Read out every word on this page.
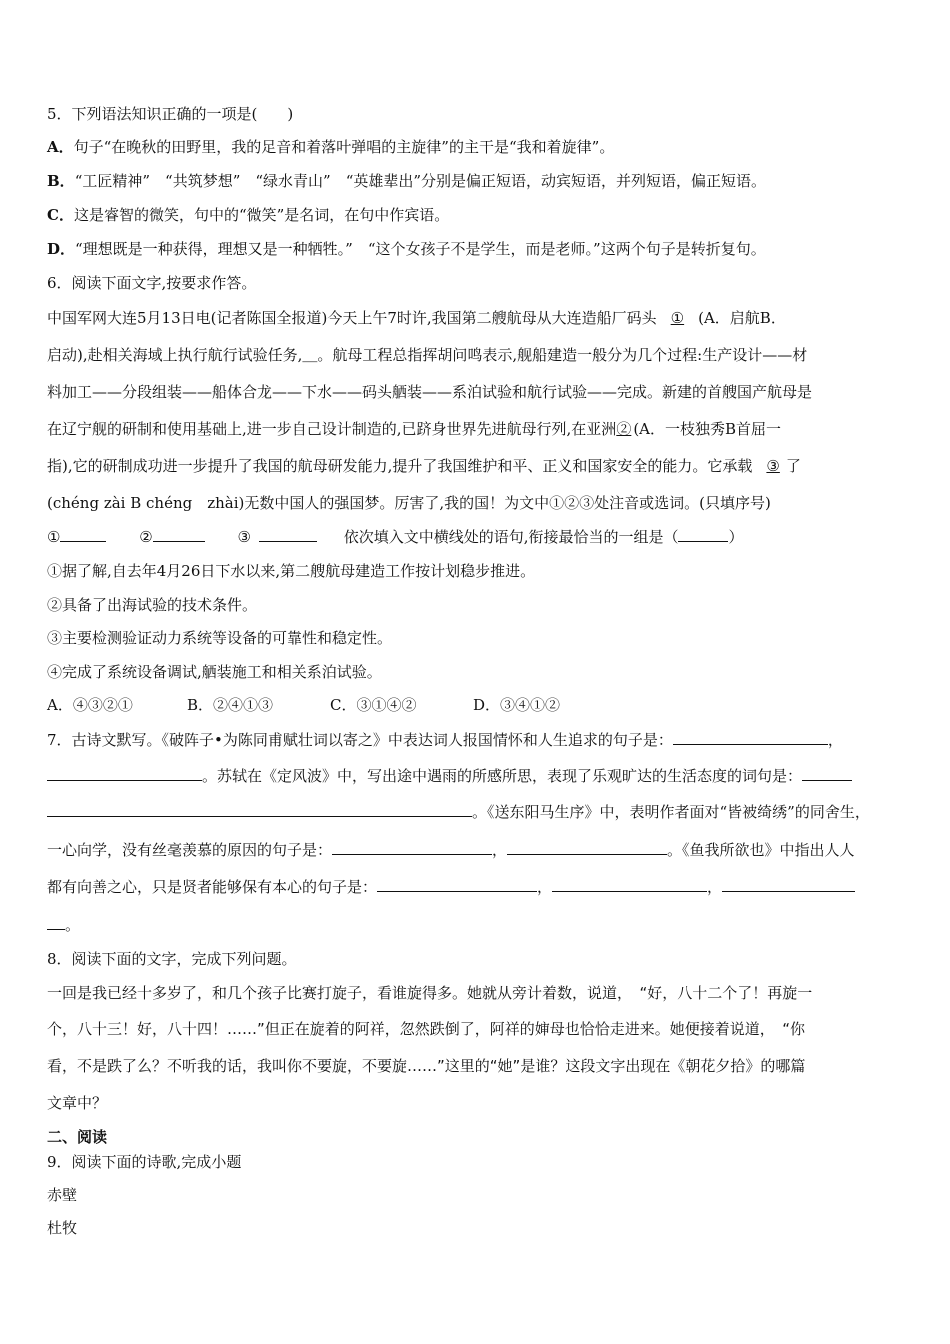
5．下列语法知识正确的一项是(　　)
A．句子“在晚秋的田野里，我的足音和着落叶弹唱的主旋律”的主干是“我和着旋律”。
B．“工匠精神”　“共筑梦想”　“绿水青山”　“英雄辈出”分别是偏正短语，动宾短语，并列短语，偏正短语。
C．这是睿智的微笑，句中的“微笑”是名词，在句中作宾语。
D．“理想既是一种获得，理想又是一种牺牲。”　“这个女孩子不是学生，而是老师。”这两个句子是转折复句。
6．阅读下面文字,按要求作答。
中国军网大连5月13日电(记者陈国全报道)今天上午7时许,我国第二艘航母从大连造船厂码头 ① (A．启航B．
启动),赴相关海域上执行航行试验任务,＿。航母工程总指挥胡问鸣表示,舰船建造一般分为几个过程:生产设计——材
料加工——分段组装——船体合龙——下水——码头舾装——系泊试验和航行试验——完成。新建的首艘国产航母是
在辽宁舰的研制和使用基础上,进一步自己设计制造的,已跻身世界先进航母行列,在亚洲② (A．一枝独秀B首屈一
指),它的研制成功进一步提升了我国的航母研发能力,提升了我国维护和平、正义和国家安全的能力。它承载 ③ 了
(chéng zài B chéng　zhài)无数中国人的强国梦。厉害了,我的国！为文中①②③处注音或选词。(只填序号)
①	②	③	依次填入文中横线处的语句,衔接最恰当的一组是（	）
①据了解,自去年4月26日下水以来,第二艘航母建造工作按计划稳步推进。
②具备了出海试验的技术条件。
③主要检测验证动力系统等设备的可靠性和稳定性。
④完成了系统设备调试,舾装施工和相关系泊试验。
A．④③②①	B．②④①③	C．③①④②	D．③④①②
7．古诗文默写。《破阵子•为陈同甫赋壮词以寄之》中表达词人报国情怀和人生追求的句子是：	，
。苏轼在《定风波》中，写出途中遇雨的所感所思，表现了乐观旷达的生活态度的词句是：
。《送东阳马生序》中，表明作者面对“皆被绮绣”的同舍生，
一心向学，没有丝毫羡慕的原因的句子是：	，	。《鱼我所欲也》中指出人人
都有向善之心，只是贤者能够保有本心的句子是：	，	，
。
8．阅读下面的文字，完成下列问题。
一回是我已经十多岁了，和几个孩子比赛打旋子，看谁旋得多。她就从旁计着数，说道，　“好，八十二个了！再旋一
个，八十三！好，八十四！……”但正在旋着的阿祥，忽然跌倒了，阿祥的婶母也恰恰走进来。她便接着说道，　“你
看，不是跌了么？不听我的话，我叫你不要旋，不要旋……”这里的“她”是谁？这段文字出现在《朝花夕拾》的哪篇
文章中？
二、阅读
9．阅读下面的诗歌,完成小题
赤壁
杜牧
